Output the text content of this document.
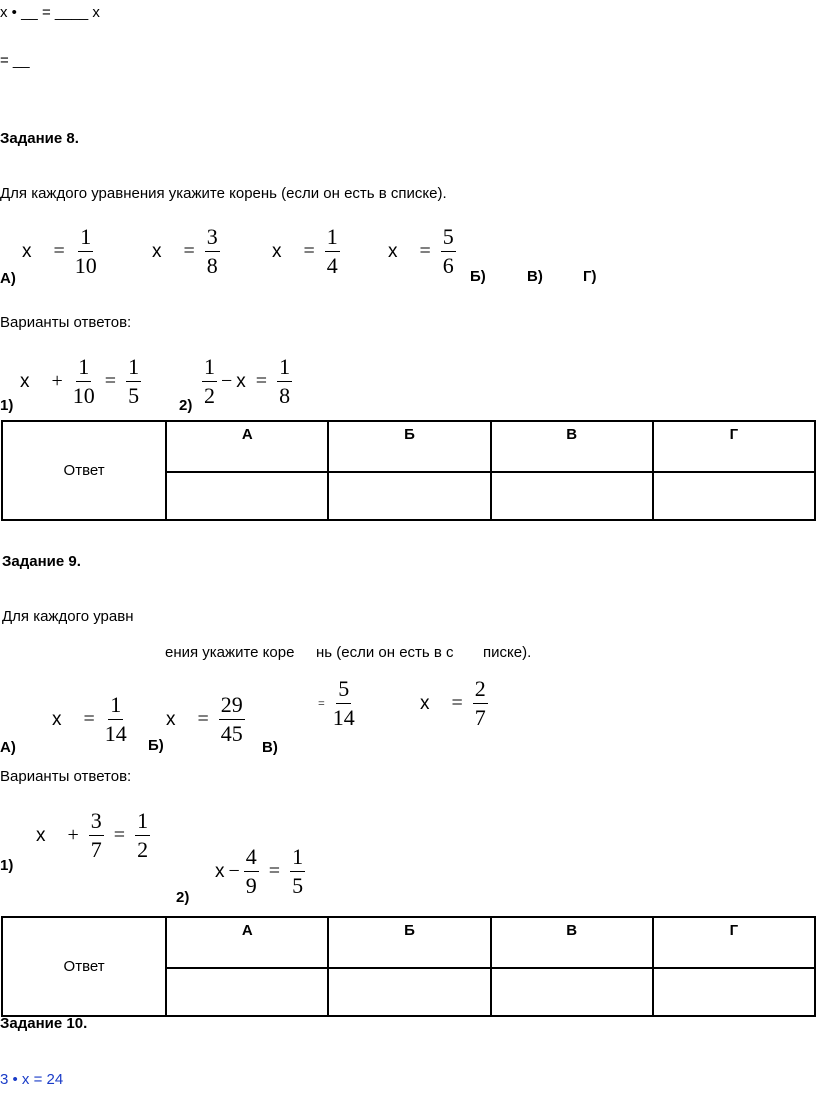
x • __ = ____ x
= __
Задание 8.
Для каждого уравнения укажите корень (если он есть в списке).
$x = \frac{1}{10}$	$x = \frac{3}{8}$	$x = \frac{1}{4}$	$x = \frac{5}{6}$
А)	Б)	В)	Г)
Варианты ответов:
$x + \frac{1}{10} = \frac{1}{5}$	$\frac{1}{2} - x = \frac{1}{8}$
1)	2)
Ответ	А	Б	В	Г

Задание 9.
Для каждого уравн
ения укажите коре нь (если он есть в с писке).
$x = \frac{1}{14}$ $x = \frac{29}{45}$	= $\frac{5}{14}$	$x = \frac{2}{7}$
А)	Б)	В)
Варианты ответов:
$x + \frac{3}{7} = \frac{1}{2}$
$x - \frac{4}{9} = \frac{1}{5}$
1)
2)
Ответ	А	Б	В	Г

Задание 10.
3 • x = 24
